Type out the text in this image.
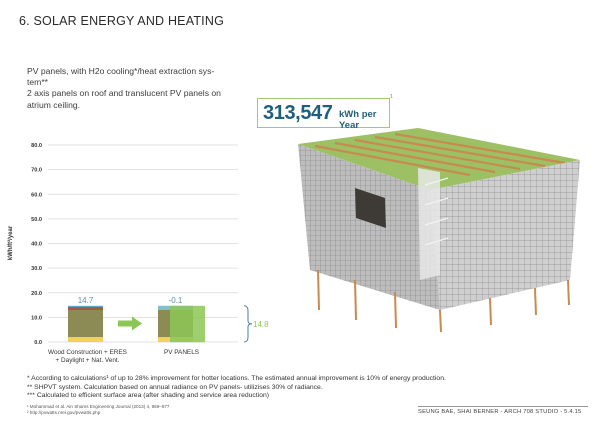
6. SOLAR ENERGY AND HEATING
PV panels, with H2o cooling*/heat extraction sys-
tem**
2 axis panels on roof and translucent PV panels on
atrium ceiling.	313,547 kWh per Year
1
0.0
10.0
20.0
30.0
40.0
50.0
60.0
70.0
80.0
kWh/ft²/year
14.7	-0.1
14.8
Wood Construction + ERES
+ Daylight + Nat. Vent.
PV PANELS
* According to calculations¹ of up to 28% improvement for hotter locations. The estimated annual improvement is 10% of energy production.
** SHPVT system. Calculation based on annual radiance on PV panels- utilizises 30% of radiance.
*** Calculated to efficient surface area (after shading and service area reduction)
¹ Mohammad et al. Ain Shams Engineering Journal (2013) 4, 869–877
² http://pvwatts.nrel.gov/pvwatts.php	SEUNG BAE, SHAI BERNER - ARCH 708 STUDIO - 5.4.15
